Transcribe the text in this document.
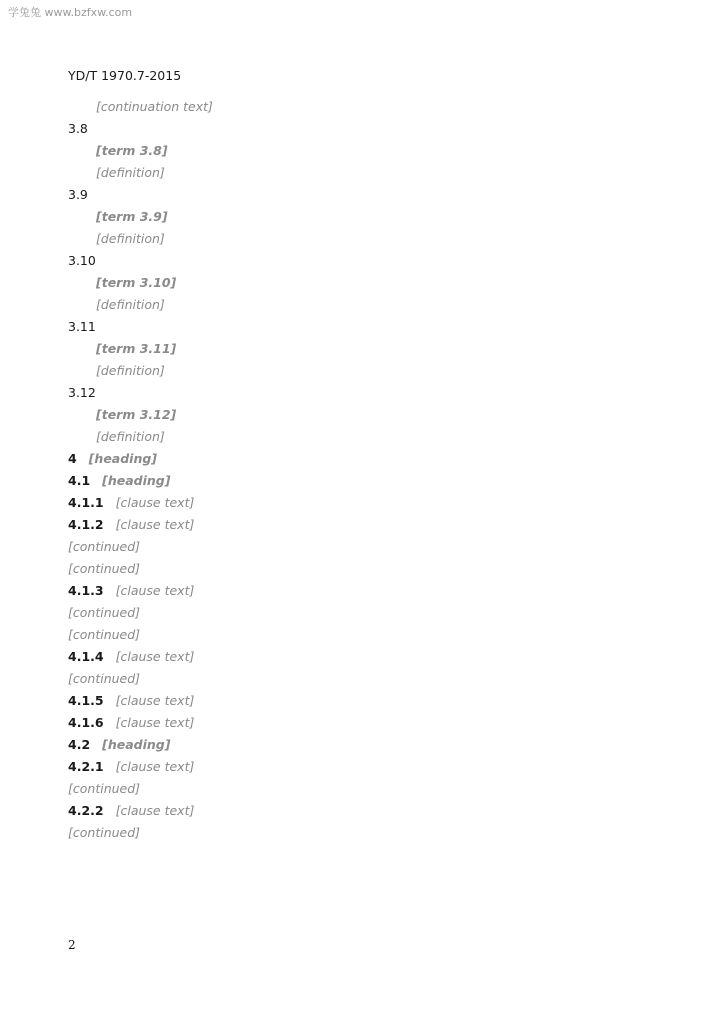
学兔兔 www.bzfxw.com
YD/T 1970.7-2015
[continuation text]
3.8
[term 3.8]
[definition]
3.9
[term 3.9]
[definition]
3.10
[term 3.10]
[definition]
3.11
[term 3.11]
[definition]
3.12
[term 3.12]
[definition]
4 [heading]
4.1 [heading]
4.1.1 [clause text]
4.1.2 [clause text]
[continued]
[continued]
4.1.3 [clause text]
[continued]
[continued]
4.1.4 [clause text]
[continued]
4.1.5 [clause text]
4.1.6 [clause text]
4.2 [heading]
4.2.1 [clause text]
[continued]
4.2.2 [clause text]
[continued]
2
